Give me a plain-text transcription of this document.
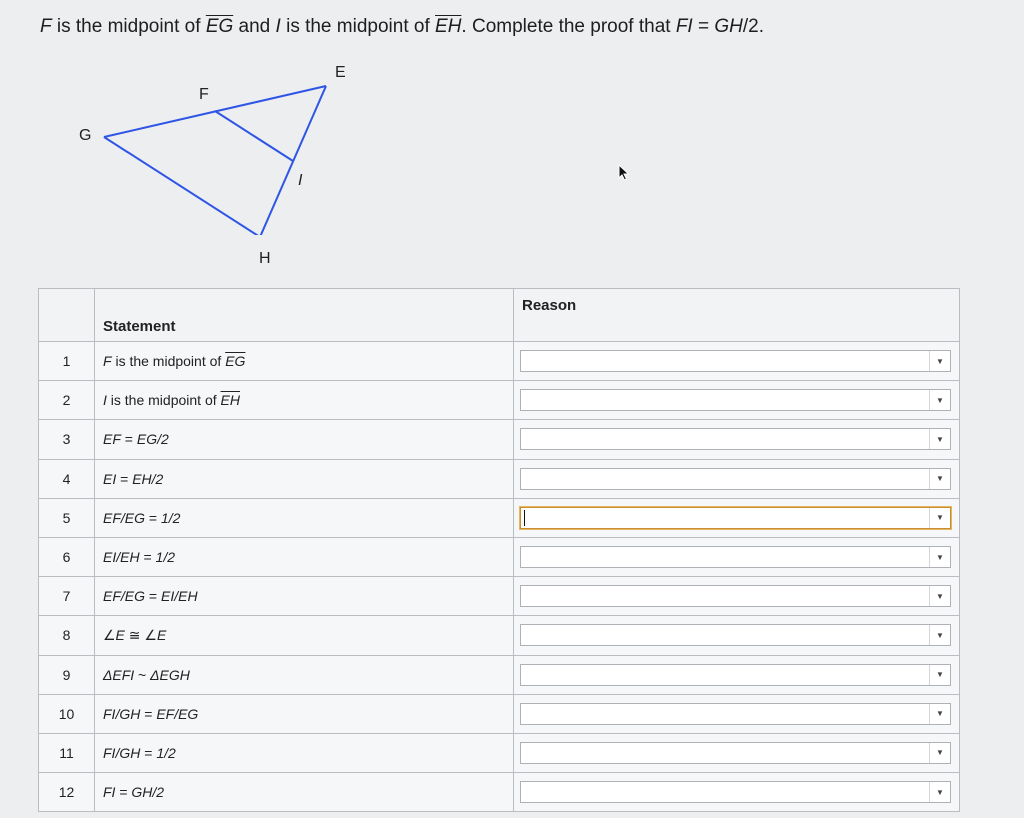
F is the midpoint of $\overline{EG}$ and I is the midpoint of $\overline{EH}$. Complete the proof that FI = GH/2.
E
F
G
I
H
	Statement	Reason
1	F is the midpoint of $\overline{EG}$	▼

2	I is the midpoint of $\overline{EH}$	▼

3	EF = EG/2	▼

4	EI = EH/2	▼

5	EF/EG = 1/2	▼

6	EI/EH = 1/2	▼

7	EF/EG = EI/EH	▼

8	∠E ≅ ∠E	▼

9	ΔEFI ~ ΔEGH	▼

10	FI/GH = EF/EG	▼

11	FI/GH = 1/2	▼

12	FI = GH/2	▼
